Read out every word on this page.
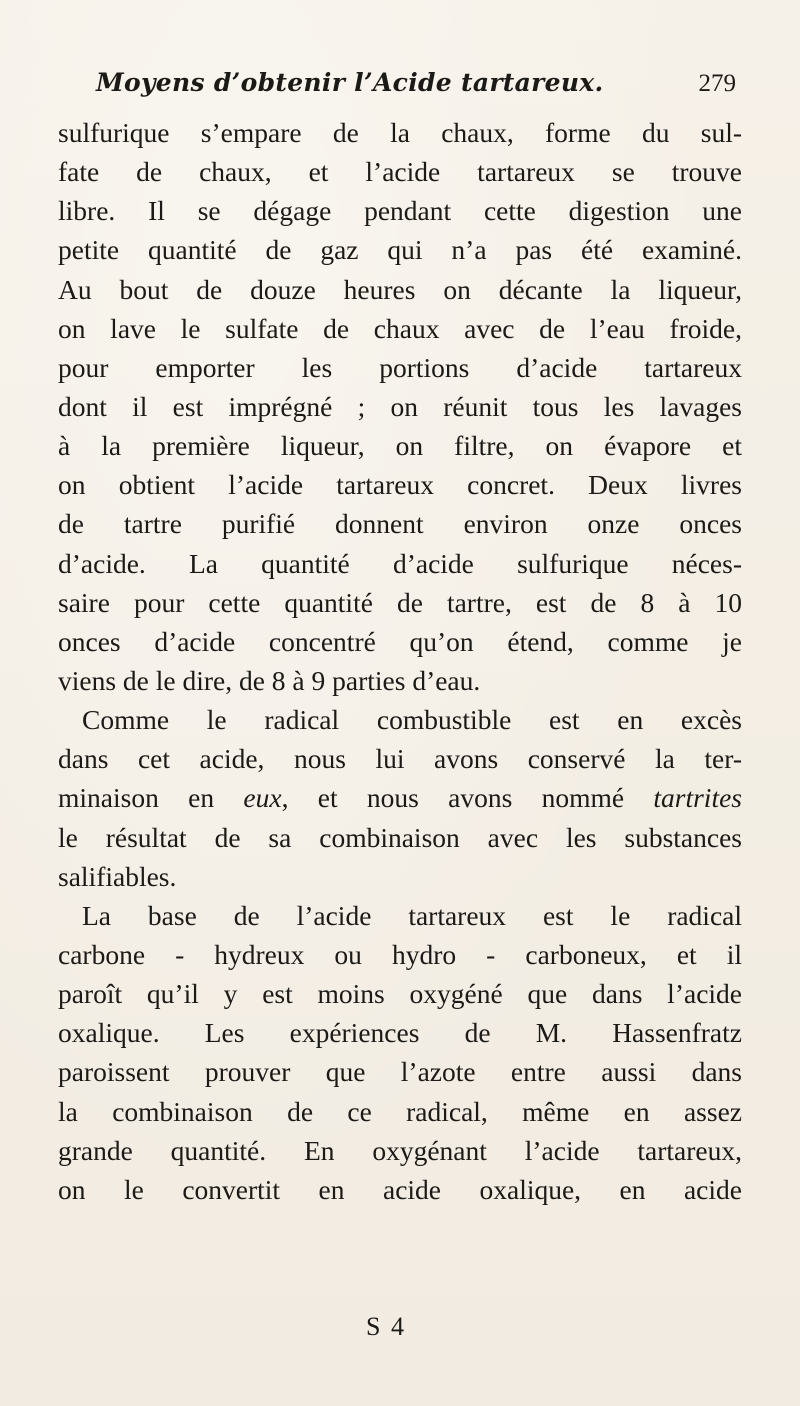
Moyens d’obtenir l’Acide tartareux.	279
sulfurique s’empare de la chaux, forme du sul-
fate de chaux, et l’acide tartareux se trouve
libre. Il se dégage pendant cette digestion une
petite quantité de gaz qui n’a pas été examiné.
Au bout de douze heures on décante la liqueur,
on lave le sulfate de chaux avec de l’eau froide,
pour emporter les portions d’acide tartareux
dont il est imprégné ; on réunit tous les lavages
à la première liqueur, on filtre, on évapore et
on obtient l’acide tartareux concret. Deux livres
de tartre purifié donnent environ onze onces
d’acide. La quantité d’acide sulfurique néces-
saire pour cette quantité de tartre, est de 8 à 10
onces d’acide concentré qu’on étend, comme je
viens de le dire, de 8 à 9 parties d’eau.
Comme le radical combustible est en excès
dans cet acide, nous lui avons conservé la ter-
minaison en eux, et nous avons nommé tartrites
le résultat de sa combinaison avec les substances
salifiables.
La base de l’acide tartareux est le radical
carbone - hydreux ou hydro - carboneux, et il
paroît qu’il y est moins oxygéné que dans l’acide
oxalique. Les expériences de M. Hassenfratz
paroissent prouver que l’azote entre aussi dans
la combinaison de ce radical, même en assez
grande quantité. En oxygénant l’acide tartareux,
on le convertit en acide oxalique, en acide
S 4
